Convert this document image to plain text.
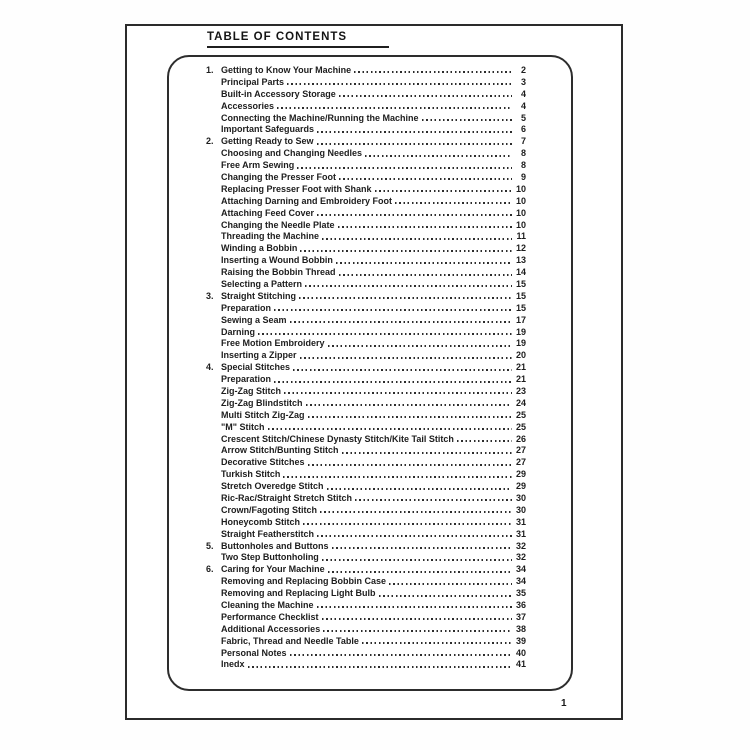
TABLE OF CONTENTS
1. Getting to Know Your Machine	2
Principal Parts	3
Built-in Accessory Storage	4
Accessories	4
Connecting the Machine/Running the Machine	5
Important Safeguards	6
2. Getting Ready to Sew	7
Choosing and Changing Needles	8
Free Arm Sewing	8
Changing the Presser Foot	9
Replacing Presser Foot with Shank	10
Attaching Darning and Embroidery Foot	10
Attaching Feed Cover	10
Changing the Needle Plate	10
Threading the Machine	11
Winding a Bobbin	12
Inserting a Wound Bobbin	13
Raising the Bobbin Thread	14
Selecting a Pattern	15
3. Straight Stitching	15
Preparation	15
Sewing a Seam	17
Darning	19
Free Motion Embroidery	19
Inserting a Zipper	20
4. Special Stitches	21
Preparation	21
Zig-Zag Stitch	23
Zig-Zag Blindstitch	24
Multi Stitch Zig-Zag	25
"M" Stitch	25
Crescent Stitch/Chinese Dynasty Stitch/Kite Tail Stitch	26
Arrow Stitch/Bunting Stitch	27
Decorative Stitches	27
Turkish Stitch	29
Stretch Overedge Stitch	29
Ric-Rac/Straight Stretch Stitch	30
Crown/Fagoting Stitch	30
Honeycomb Stitch	31
Straight Featherstitch	31
5. Buttonholes and Buttons	32
Two Step Buttonholing	32
6. Caring for Your Machine	34
Removing and Replacing Bobbin Case	34
Removing and Replacing Light Bulb	35
Cleaning the Machine	36
Performance Checklist	37
Additional Accessories	38
Fabric, Thread and Needle Table	39
Personal Notes	40
Inedx	41
1
